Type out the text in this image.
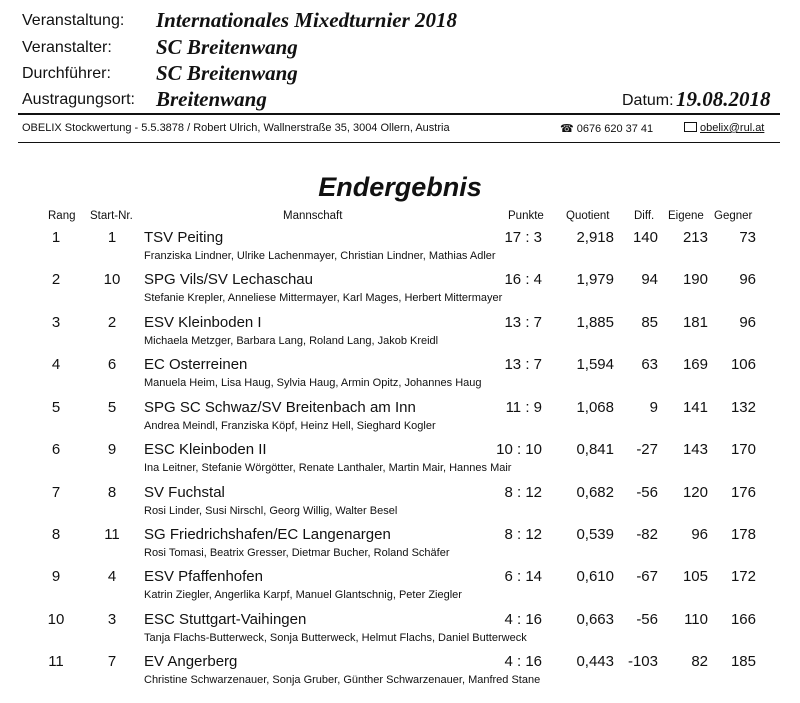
Veranstaltung: Internationales Mixedturnier 2018
Veranstalter: SC Breitenwang
Durchführer: SC Breitenwang
Austragungsort: Breitenwang	Datum: 19.08.2018
OBELIX Stockwertung - 5.5.3878 / Robert Ulrich, Wallnerstraße 35, 3004 Ollern, Austria	☎ 0676 620 37 41	obelix@rul.at
Endergebnis
Rang Start-Nr.	Mannschaft	Punkte Quotient Diff. Eigene Gegner
1	1	TSV Peiting	17 : 3	2,918	140	213	73
Franziska Lindner, Ulrike Lachenmayer, Christian Lindner, Mathias Adler
2	10	SPG Vils/SV Lechaschau	16 : 4	1,979	94	190	96
Stefanie Krepler, Anneliese Mittermayer, Karl Mages, Herbert Mittermayer
3	2	ESV Kleinboden I	13 : 7	1,885	85	181	96
Michaela Metzger, Barbara Lang, Roland Lang, Jakob Kreidl
4	6	EC Osterreinen	13 : 7	1,594	63	169	106
Manuela Heim, Lisa Haug, Sylvia Haug, Armin Opitz, Johannes Haug
5	5	SPG SC Schwaz/SV Breitenbach am Inn	11 : 9	1,068	9	141	132
Andrea Meindl, Franziska Köpf, Heinz Hell, Sieghard Kogler
6	9	ESC Kleinboden II	10 : 10	0,841	-27	143	170
Ina Leitner, Stefanie Wörgötter, Renate Lanthaler, Martin Mair, Hannes Mair
7	8	SV Fuchstal	8 : 12	0,682	-56	120	176
Rosi Linder, Susi Nirschl, Georg Willig, Walter Besel
8	11	SG Friedrichshafen/EC Langenargen	8 : 12	0,539	-82	96	178
Rosi Tomasi, Beatrix Gresser, Dietmar Bucher, Roland Schäfer
9	4	ESV Pfaffenhofen	6 : 14	0,610	-67	105	172
Katrin Ziegler, Angerlika Karpf, Manuel Glantschnig, Peter Ziegler
10	3	ESC Stuttgart-Vaihingen	4 : 16	0,663	-56	110	166
Tanja Flachs-Butterweck, Sonja Butterweck, Helmut Flachs, Daniel Butterweck
11	7	EV Angerberg	4 : 16	0,443 -103	82	185
Christine Schwarzenauer, Sonja Gruber, Günther Schwarzenauer, Manfred Stane
